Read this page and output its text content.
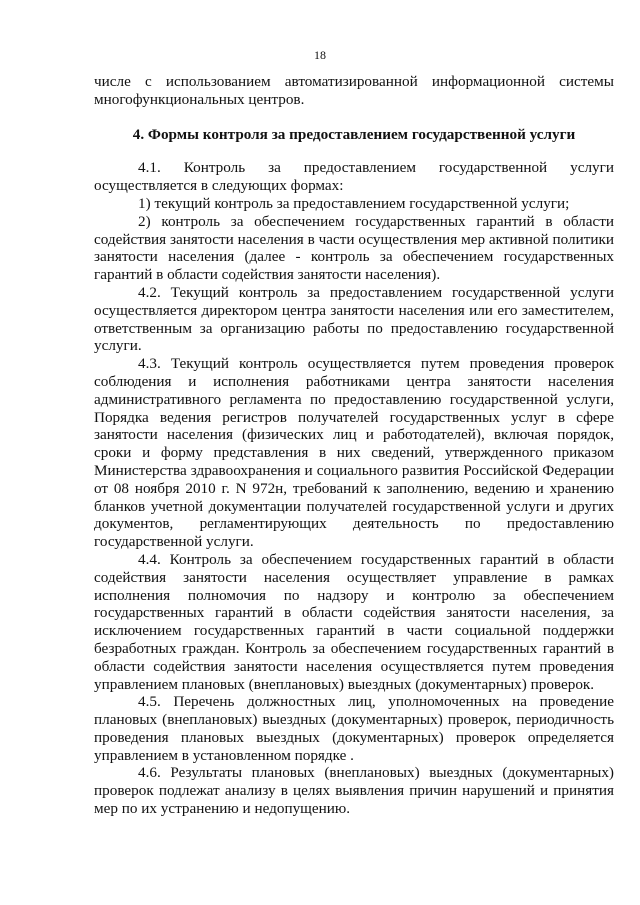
18

числе с использованием автоматизированной информационной системы многофункциональных центров.

4. Формы контроля за предоставлением государственной услуги

4.1. Контроль за предоставлением государственной услуги осуществляется в следующих формах:

1) текущий контроль за предоставлением государственной услуги;

2) контроль за обеспечением государственных гарантий в области содействия занятости населения в части осуществления мер активной политики занятости населения (далее - контроль за обеспечением государственных гарантий в области содействия занятости населения).

4.2. Текущий контроль за предоставлением государственной услуги осуществляется директором центра занятости населения или его заместителем, ответственным за организацию работы по предоставлению государственной услуги.

4.3. Текущий контроль осуществляется путем проведения проверок соблюдения и исполнения работниками центра занятости населения административного регламента по предоставлению государственной услуги, Порядка ведения регистров получателей государственных услуг в сфере занятости населения (физических лиц и работодателей), включая порядок, сроки и форму представления в них сведений, утвержденного приказом Министерства здравоохранения и социального развития Российской Федерации от 08 ноября 2010 г. N 972н, требований к заполнению, ведению и хранению бланков учетной документации получателей государственной услуги и других документов, регламентирующих деятельность по предоставлению государственной услуги.

4.4. Контроль за обеспечением государственных гарантий в области содействия занятости населения осуществляет управление в рамках исполнения полномочия по надзору и контролю за обеспечением государственных гарантий в области содействия занятости населения, за исключением государственных гарантий в части социальной поддержки безработных граждан. Контроль за обеспечением государственных гарантий в области содействия занятости населения осуществляется путем проведения управлением плановых (внеплановых) выездных (документарных) проверок.

4.5. Перечень должностных лиц, уполномоченных на проведение плановых (внеплановых) выездных (документарных) проверок, периодичность проведения плановых выездных (документарных) проверок определяется управлением в установленном порядке .

4.6. Результаты плановых (внеплановых) выездных (документарных) проверок подлежат анализу в целях выявления причин нарушений и принятия мер по их устранению и недопущению.
